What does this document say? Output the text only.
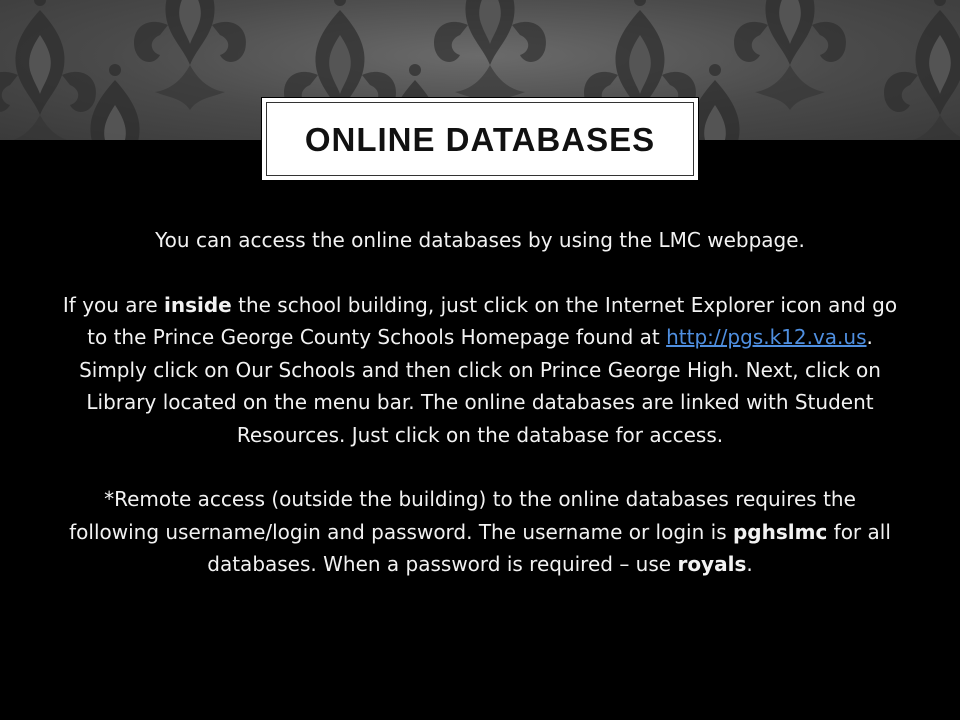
ONLINE DATABASES

You can access the online databases by using the LMC webpage.

If you are inside the school building, just click on the Internet Explorer icon and go to the Prince George County Schools Homepage found at http://pgs.k12.va.us. Simply click on Our Schools and then click on Prince George High. Next, click on Library located on the menu bar. The online databases are linked with Student Resources. Just click on the database for access.

*Remote access (outside the building) to the online databases requires the following username/login and password. The username or login is pghslmc for all databases. When a password is required – use royals.
